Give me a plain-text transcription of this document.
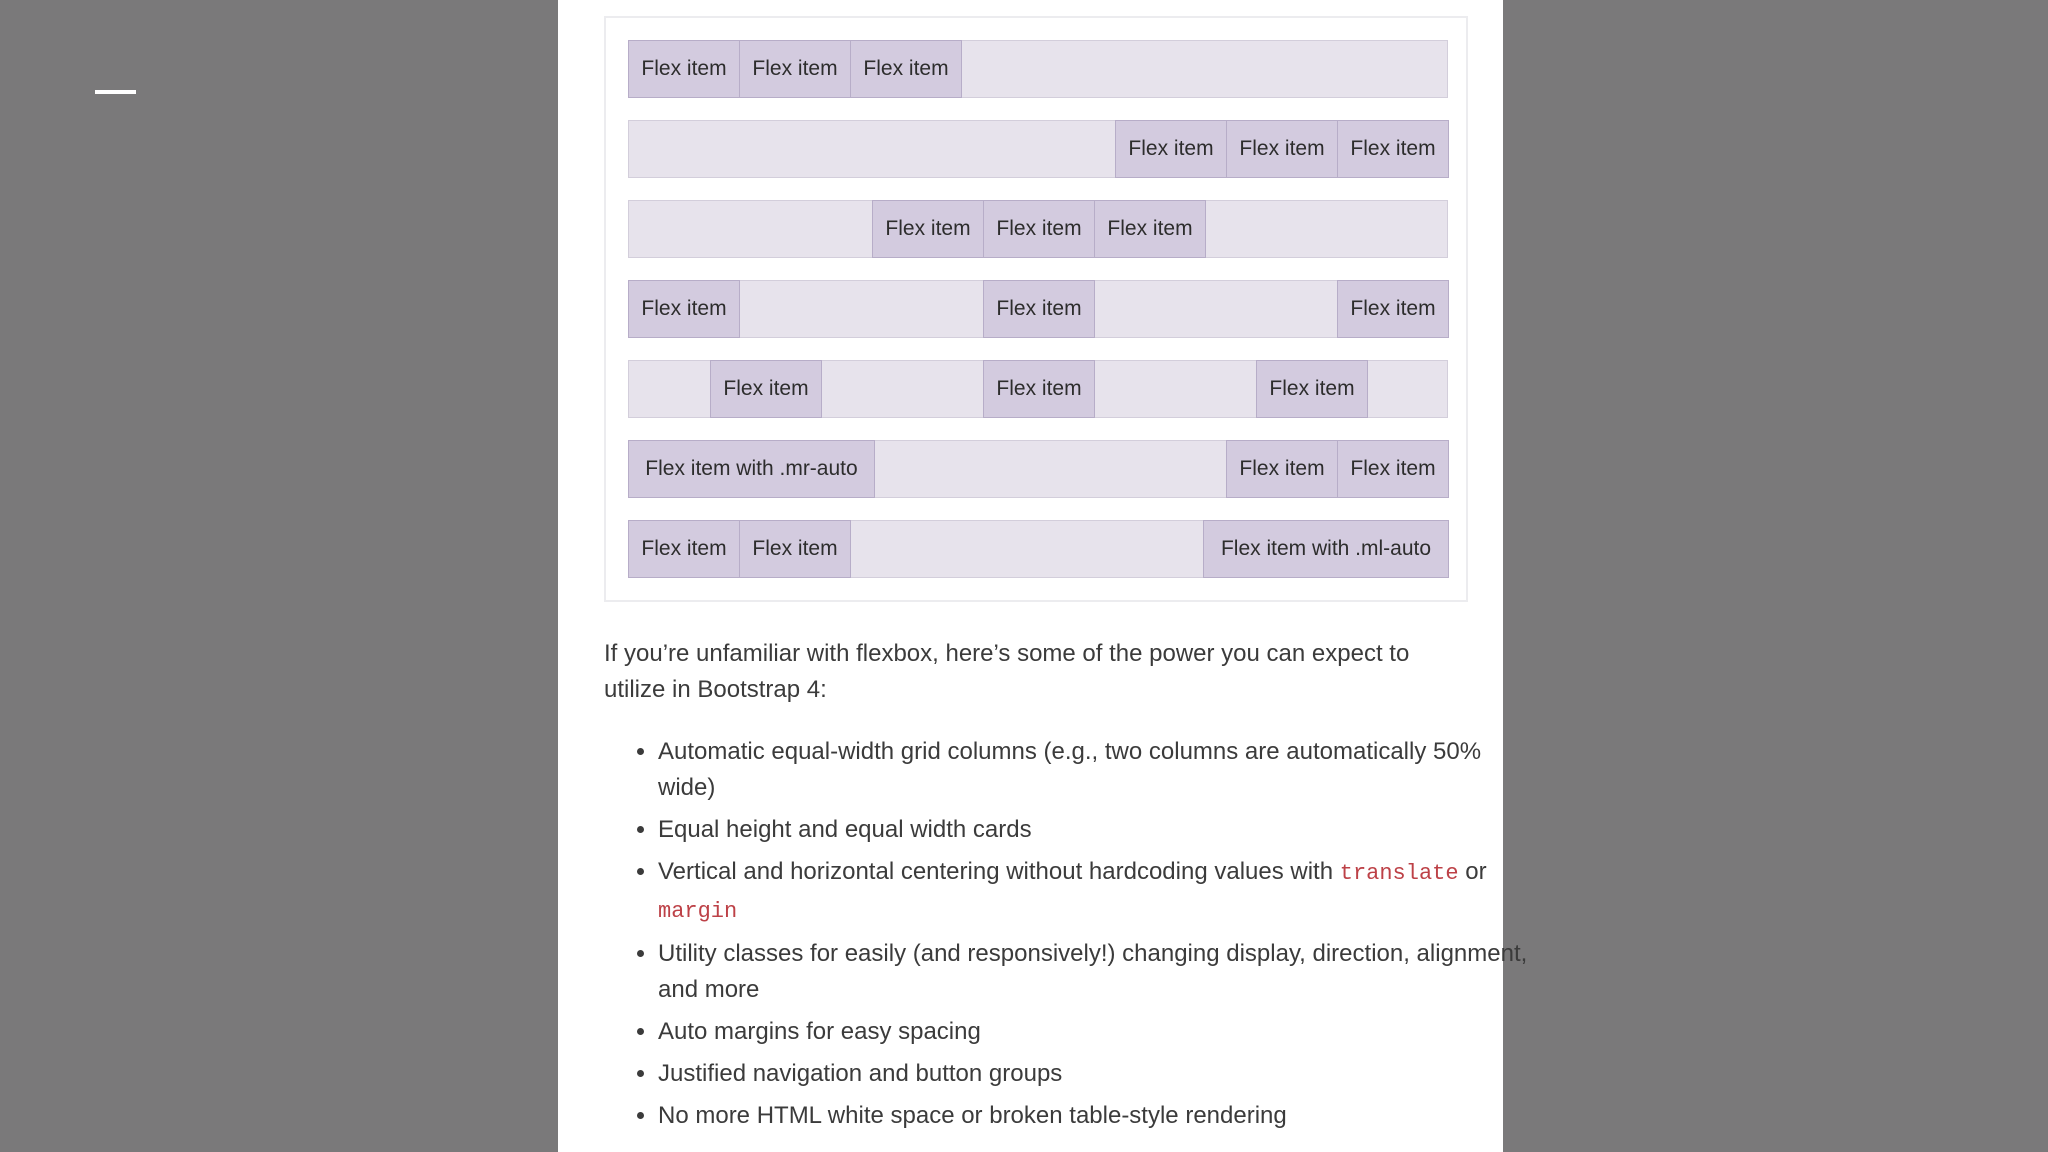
Flex item	Flex item	Flex item
Flex item	Flex item	Flex item
Flex item	Flex item	Flex item
Flex item	Flex item	Flex item
Flex item	Flex item	Flex item
Flex item with .mr-auto	Flex item	Flex item
Flex item	Flex item	Flex item with .ml-auto

If you’re unfamiliar with flexbox, here’s some of the power you can expect to utilize in Bootstrap 4:

• Automatic equal-width grid columns (e.g., two columns are automatically 50% wide)
• Equal height and equal width cards
• Vertical and horizontal centering without hardcoding values with translate or margin
• Utility classes for easily (and responsively!) changing display, direction, alignment, and more
• Auto margins for easy spacing
• Justified navigation and button groups
• No more HTML white space or broken table-style rendering
